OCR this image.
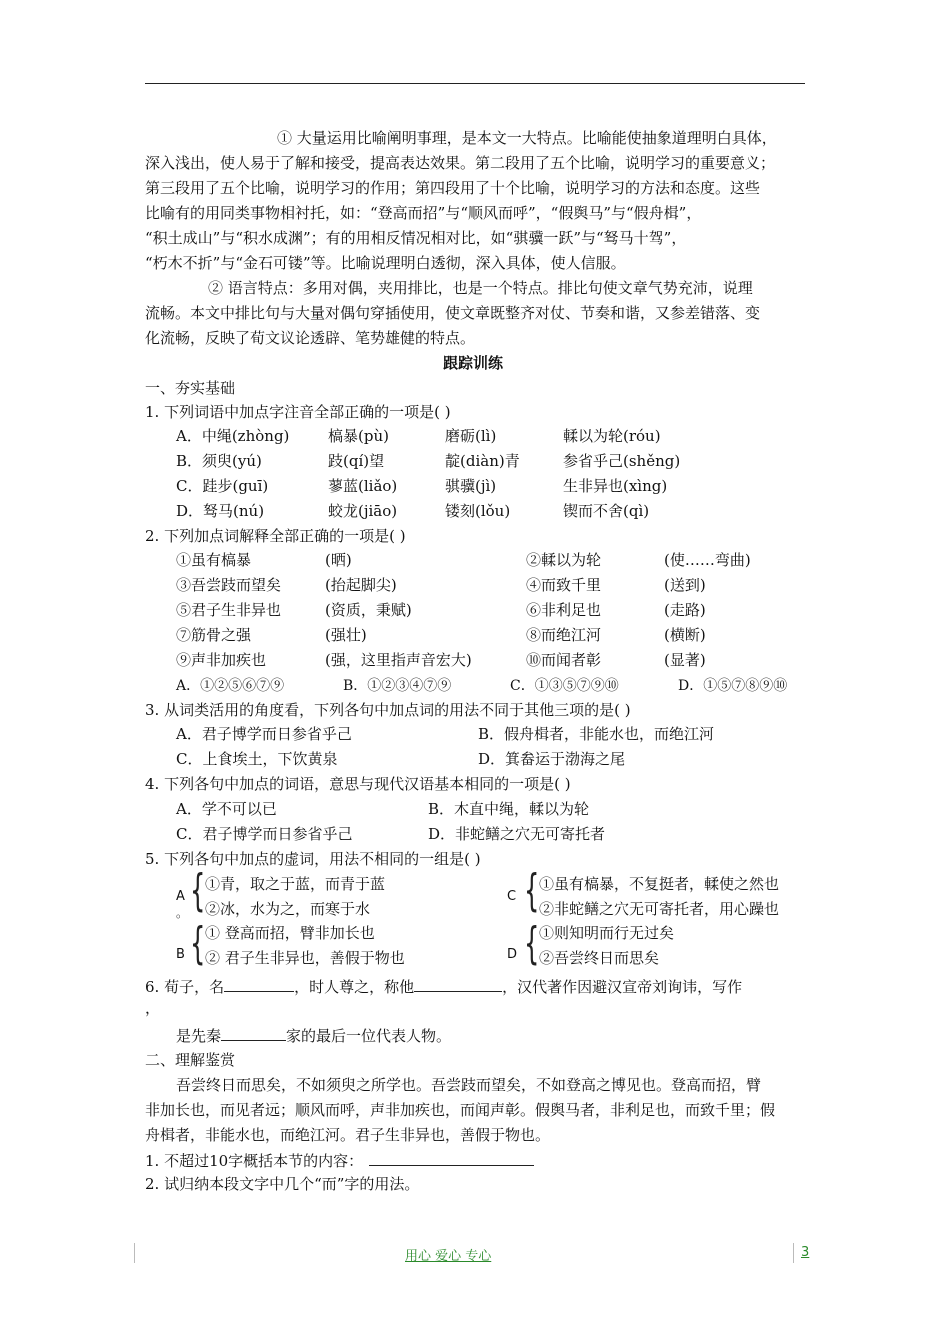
① 大量运用比喻阐明事理，是本文一大特点。比喻能使抽象道理明白具体，
深入浅出，使人易于了解和接受，提高表达效果。第二段用了五个比喻，说明学习的重要意义；
第三段用了五个比喻，说明学习的作用；第四段用了十个比喻，说明学习的方法和态度。这些
比喻有的用同类事物相衬托，如：“登高而招”与“顺风而呼”，“假舆马”与“假舟楫”，
“积土成山”与“积水成渊”；有的用相反情况相对比，如“骐骥一跃”与“驽马十驾”，
“朽木不折”与“金石可镂”等。比喻说理明白透彻，深入具体，使人信服。
② 语言特点：多用对偶，夹用排比，也是一个特点。排比句使文章气势充沛，说理
流畅。本文中排比句与大量对偶句穿插使用，使文章既整齐对仗、节奏和谐，又参差错落、变
化流畅，反映了荀文议论透辟、笔势雄健的特点。
跟踪训练
一、夯实基础
1. 下列词语中加点字注音全部正确的一项是( )
A．中绳(zhòng)	槁暴(pù)	磨砺(lì)	輮以为轮(róu)
B．须臾(yú)	跂(qí)望	靛(diàn)青	参省乎己(shěng)
C．跬步(guī)	蓼蓝(liǎo)	骐骥(jì)	生非异也(xìng)
D．驽马(nú)	蛟龙(jiāo)	镂刻(lǒu)	锲而不舍(qì)
2. 下列加点词解释全部正确的一项是( )
①虽有槁暴	(晒)	②輮以为轮	(使……弯曲)
③吾尝跂而望矣	(抬起脚尖)	④而致千里	(送到)
⑤君子生非异也	(资质，秉赋)	⑥非利足也	(走路)
⑦筋骨之强	(强壮)	⑧而绝江河	(横断)
⑨声非加疾也	(强，这里指声音宏大)	⑩而闻者彰	(显著)
A．①②⑤⑥⑦⑨	B．①②③④⑦⑨	C．①③⑤⑦⑨⑩	D．①⑤⑦⑧⑨⑩
3. 从词类活用的角度看，下列各句中加点词的用法不同于其他三项的是( )
A．君子博学而日参省乎己	B．假舟楫者，非能水也，而绝江河
C．上食埃土，下饮黄泉	D．箕畚运于渤海之尾
4. 下列各句中加点的词语，意思与现代汉语基本相同的一项是( )
A．学不可以已	B．木直中绳，輮以为轮
C．君子博学而日参省乎己	D．非蛇鳝之穴无可寄托者
5. 下列各句中加点的虚词，用法不相同的一组是( )
A
。 { ①青，取之于蓝，而青于蓝
②冰，水为之，而寒于水
C { ①虽有槁暴，不复挺者，輮使之然也
②非蛇鳝之穴无可寄托者，用心躁也
B { ① 登高而招，臂非加长也
② 君子生非异也，善假于物也	D { ①则知明而行无过矣
②吾尝终日而思矣
6. 荀子，名	，时人尊之，称他	，汉代著作因避汉宣帝刘询讳，写作
，
是先秦	家的最后一位代表人物。
二、理解鉴赏
吾尝终日而思矣，不如须臾之所学也。吾尝跂而望矣，不如登高之博见也。登高而招，臂
非加长也，而见者远；顺风而呼，声非加疾也，而闻声彰。假舆马者，非利足也，而致千里；假
舟楫者，非能水也，而绝江河。君子生非异也，善假于物也。
1. 不超过10字概括本节的内容：
2. 试归纳本段文字中几个“而”字的用法。
用心 爱心 专心	3
